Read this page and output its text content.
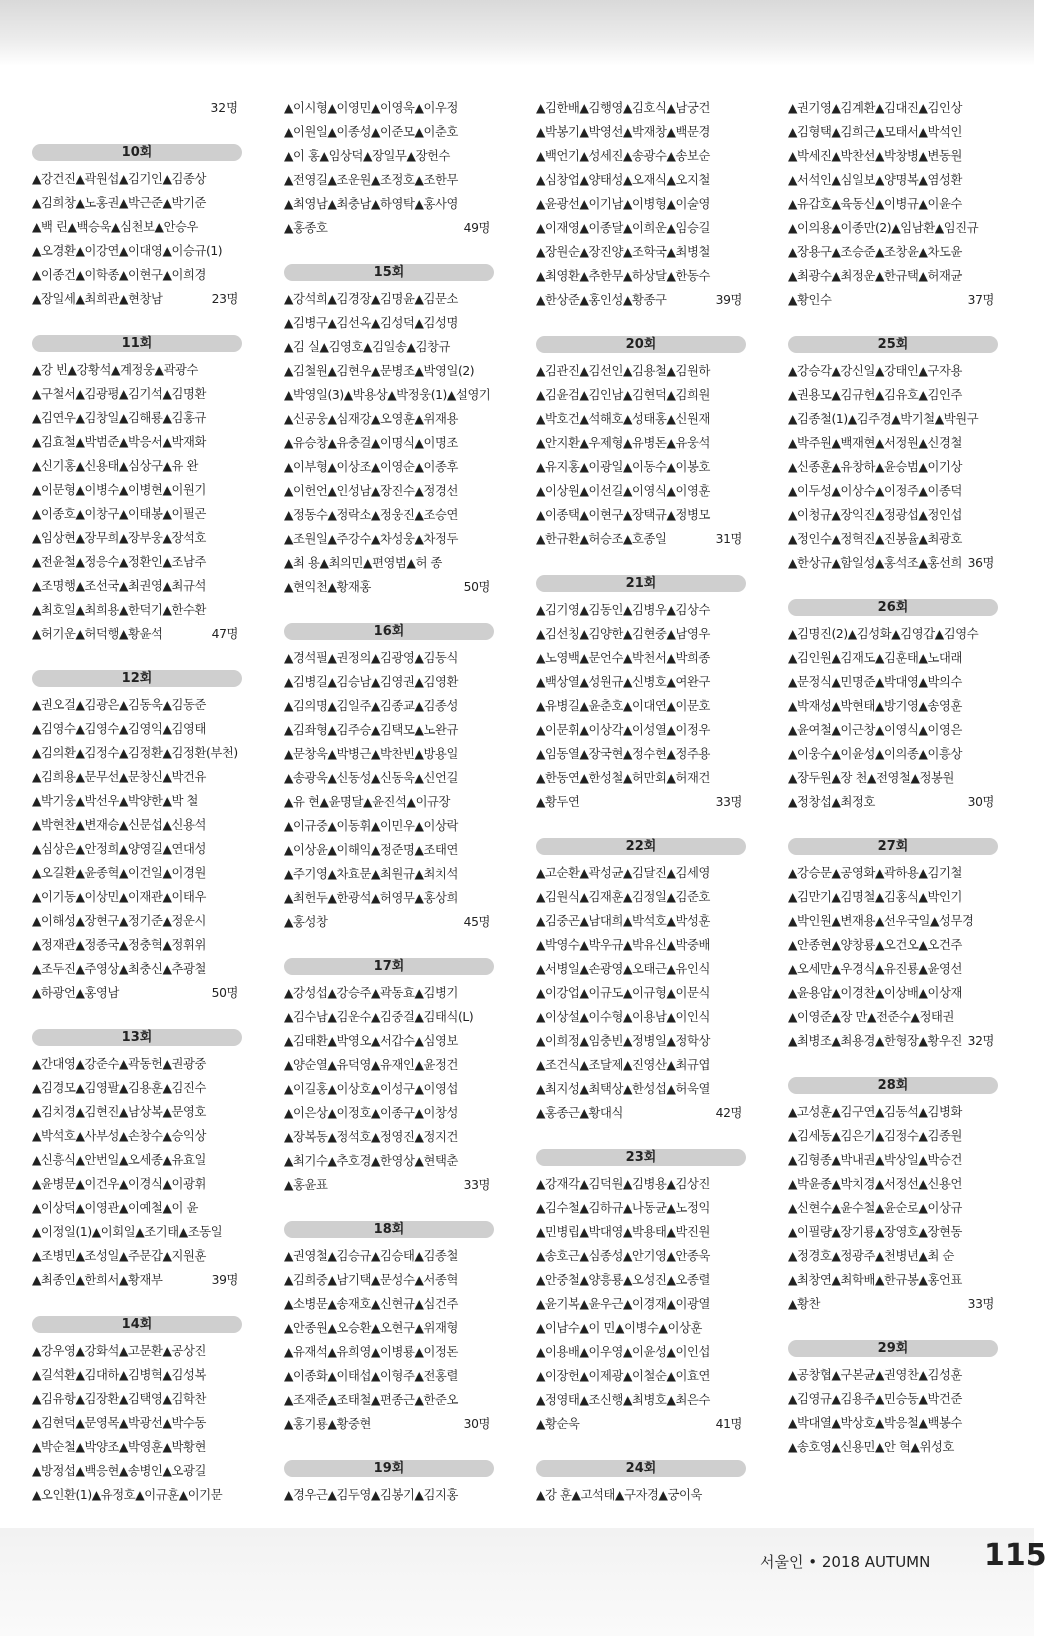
32명
10회
▲강건진▲곽원섭▲김기인▲김종상
▲김희창▲노홍권▲박근준▲박기준
▲백 린▲백승욱▲심천보▲안승우
▲오경환▲이강연▲이대영▲이승규(1)
▲이종건▲이학종▲이현구▲이희경
▲장일세▲최희관▲현창남	23명
11회
▲강 빈▲강황석▲계정웅▲곽광수
▲구철서▲김광평▲김기석▲김명환
▲김연우▲김창일▲김해룡▲김홍규
▲김효철▲박범준▲박응서▲박재화
▲신기홍▲신용태▲심상구▲유 완
▲이문형▲이병수▲이병현▲이원기
▲이종호▲이창구▲이태봉▲이필곤
▲임상현▲장무희▲장부웅▲장석호
▲전윤철▲정응수▲정환인▲조남주
▲조명행▲조선국▲최권영▲최규석
▲최호일▲최희용▲한덕기▲한수환
▲허기운▲허덕행▲황윤석	47명
12회
▲권오걸▲김광은▲김동욱▲김동준
▲김영수▲김영수▲김영익▲김영태
▲김의환▲김정수▲김정환▲김정환(부천)
▲김희용▲문무선▲문창신▲박건유
▲박기웅▲박선우▲박양한▲박 철
▲박현찬▲변재승▲신문섭▲신용석
▲심상은▲안정희▲양영길▲연대성
▲오길환▲윤종혁▲이건일▲이경원
▲이기동▲이상민▲이재관▲이태우
▲이해성▲장현구▲정기준▲정운시
▲정재관▲정종국▲정충혁▲정휘위
▲조두진▲주영상▲최충신▲추광철
▲하광언▲홍영남	50명
13회
▲간대영▲강준수▲곽동헌▲권광중
▲김경모▲김영팔▲김용훈▲김진수
▲김치경▲김현진▲남상복▲문영호
▲박석호▲사부성▲손창수▲승익상
▲신흥식▲안번일▲오세종▲유효일
▲윤병문▲이건우▲이경식▲이광휘
▲이상덕▲이영관▲이예철▲이 윤
▲이정일(1)▲이회일▲조기태▲조동일
▲조병민▲조성일▲주문갑▲지원훈
▲최종인▲한희서▲황재부	39명
14회
▲강우영▲강화석▲고문환▲공상진
▲길석환▲김대하▲김병혁▲김성복
▲김유항▲김장환▲김택영▲김학찬
▲김현덕▲문영목▲박광선▲박수동
▲박순철▲박양조▲박영훈▲박황현
▲방정섭▲백응현▲송병인▲오광길
▲오인환(1)▲유정호▲이규훈▲이기문
▲이시형▲이영민▲이영욱▲이우정
▲이원일▲이종성▲이준모▲이춘호
▲이 홍▲임상덕▲장일무▲장헌수
▲전영길▲조운원▲조정호▲조한무
▲최영남▲최충남▲하영탁▲홍사영
▲홍종호	49명
15회
▲강석희▲김경장▲김명윤▲김문소
▲김병구▲김선옥▲김성덕▲김성명
▲김 실▲김영호▲김일송▲김창규
▲김철원▲김현우▲문병조▲박영일(2)
▲박영일(3)▲박용상▲박정웅(1)▲설영기
▲신공웅▲심재강▲오영훈▲위재용
▲유승창▲유충걸▲이명식▲이명조
▲이부형▲이상조▲이영순▲이종후
▲이헌언▲인성남▲장진수▲정경선
▲정동수▲정락소▲정웅진▲조승연
▲조원일▲주강수▲차성웅▲차정두
▲최 용▲최의민▲편영범▲허 종
▲현익천▲황재홍	50명
16회
▲경석필▲권정의▲김광영▲김동식
▲김병길▲김승남▲김영권▲김영환
▲김의명▲김일주▲김종교▲김종성
▲김좌형▲김주승▲김택모▲노완규
▲문창욱▲박병근▲박찬빈▲방용일
▲송광욱▲신동성▲신동욱▲신언길
▲유 현▲윤명달▲윤진석▲이규장
▲이규중▲이동휘▲이민우▲이상락
▲이상윤▲이해익▲정준명▲조태연
▲주기영▲차효문▲최원규▲최치석
▲최헌두▲한광석▲허영무▲홍상희
▲홍성창	45명
17회
▲강성섭▲강승주▲곽동효▲김병기
▲김수남▲김운수▲김중걸▲김태식(L)
▲김태환▲박영오▲서갑수▲심영보
▲양순열▲유덕영▲유재인▲윤정건
▲이길홍▲이상호▲이성구▲이영섭
▲이은상▲이정호▲이종구▲이창성
▲장복동▲정석호▲정영진▲정지건
▲최기수▲추호경▲한영상▲현택춘
▲홍윤표	33명
18회
▲권영철▲김승규▲김승태▲김종철
▲김희중▲남기택▲문성수▲서종혁
▲소병문▲송재호▲신현규▲심건주
▲안종원▲오승환▲오현구▲위재형
▲유재석▲유희영▲이병룡▲이정돈
▲이종화▲이태섭▲이형주▲전홍렬
▲조재준▲조태철▲편종근▲한준오
▲홍기룡▲황중현	30명
19회
▲경우근▲김두영▲김봉기▲김지홍
▲김한배▲김행영▲김호식▲남궁건
▲박봉기▲박영선▲박재창▲백문경
▲백언기▲성세진▲송광수▲송보순
▲심창업▲양태성▲오재식▲오지철
▲윤광선▲이기남▲이병형▲이술영
▲이재영▲이종달▲이희운▲임승길
▲장원순▲장진양▲조학국▲최병철
▲최영환▲추한무▲하상달▲한동수
▲한상준▲홍인성▲황종구	39명
20회
▲김관진▲김선인▲김용철▲김원하
▲김윤검▲김인남▲김현덕▲김희원
▲박호건▲석해호▲성태홍▲신원재
▲안지환▲우제형▲유병돈▲유웅석
▲유지홍▲이광일▲이동수▲이봉호
▲이상원▲이선길▲이영식▲이영훈
▲이종택▲이현구▲장택규▲정병모
▲한규환▲허승조▲호종일	31명
21회
▲김기영▲김동인▲김병우▲김상수
▲김선칭▲김양한▲김현중▲남영우
▲노영백▲문언수▲박천서▲박희종
▲백상열▲성원규▲신병호▲여완구
▲유병길▲윤춘호▲이대연▲이문호
▲이문휘▲이상각▲이성열▲이정우
▲임동열▲장국현▲정수현▲정주용
▲한동연▲한성철▲허만회▲허재건
▲황두연	33명
22회
▲고순환▲곽성균▲김달진▲김세영
▲김원식▲김재훈▲김정일▲김준호
▲김중곤▲남대희▲박석호▲박성훈
▲박영수▲박우규▲박유신▲박중배
▲서병일▲손광영▲오태근▲유인식
▲이강업▲이규도▲이규형▲이문식
▲이상설▲이수형▲이용남▲이인식
▲이희정▲임충빈▲정병일▲정학상
▲조건식▲조달제▲진영산▲최규엽
▲최지성▲최택상▲한성섭▲허욱열
▲홍종근▲황대식	42명
23회
▲강재각▲김덕원▲김병용▲김상진
▲김수철▲김하규▲나동균▲노정익
▲민병립▲박대영▲박용태▲박진원
▲송호근▲심종성▲안기영▲안종욱
▲안중철▲양흥룡▲오성진▲오종렬
▲윤기복▲윤우근▲이경재▲이광열
▲이남수▲이 민▲이병수▲이상훈
▲이용배▲이우영▲이윤성▲이인섭
▲이장헌▲이제광▲이철순▲이효연
▲정영태▲조신행▲최병호▲최은수
▲황순욱	41명
24회
▲강 훈▲고석태▲구자경▲궁이욱
▲권기영▲김계환▲김대진▲김인상
▲김형택▲김희근▲모태서▲박석인
▲박세진▲박찬선▲박창병▲변동원
▲서석인▲심일보▲양명복▲염성환
▲유갑호▲육동신▲이병규▲이윤수
▲이의용▲이종만(2)▲임남환▲임진규
▲장용구▲조승준▲조창윤▲차도윤
▲최광수▲최정운▲한규택▲허재균
▲황인수	37명
25회
▲강승각▲강신일▲강태인▲구자용
▲권용모▲김규헌▲김유호▲김인주
▲김종철(1)▲김주경▲박기철▲박원구
▲박주원▲백재현▲서정원▲신경철
▲신종훈▲유창하▲윤승범▲이기상
▲이두성▲이상수▲이정주▲이종덕
▲이청규▲장익진▲정광섭▲정인섭
▲정인수▲정혁진▲진봉율▲최광호
▲한상규▲함일성▲홍석조▲홍선희 36명
26회
▲김명진(2)▲김성화▲김영갑▲김영수
▲김인원▲김재도▲김훈태▲노대래
▲문정식▲민명준▲박대영▲박의수
▲박재성▲박현태▲방기영▲송영훈
▲윤여철▲이근창▲이영식▲이영은
▲이웅수▲이윤성▲이의종▲이흥상
▲장두원▲장 천▲전영철▲정봉원
▲정창섭▲최정호	30명
27회
▲강승문▲공영화▲곽하용▲김기철
▲김만기▲김명철▲김홍식▲박인기
▲박인원▲변재용▲선우국일▲성무경
▲안종현▲양창룡▲오건오▲오건주
▲오세만▲우경식▲유진룡▲윤영선
▲윤용암▲이경찬▲이상배▲이상재
▲이영준▲장 만▲전준수▲정태권
▲최병조▲최용경▲한형장▲황우진 32명
28회
▲고성훈▲김구연▲김동석▲김병화
▲김세동▲김은기▲김정수▲김종원
▲김형종▲박내권▲박상일▲박승건
▲박윤종▲박치경▲서정선▲신용언
▲신현수▲윤수철▲윤순로▲이상규
▲이필량▲장기룡▲장영호▲장현동
▲정경호▲정광주▲천병년▲최 순
▲최창연▲최학배▲한규봉▲홍언표
▲황찬	33명
29회
▲공창협▲구본균▲권영찬▲김성훈
▲김영규▲김용주▲민승동▲박건준
▲박대열▲박상호▲박응철▲백봉수
▲송호영▲신용민▲안 혁▲위성호
서울인 • 2018 AUTUMN 115
